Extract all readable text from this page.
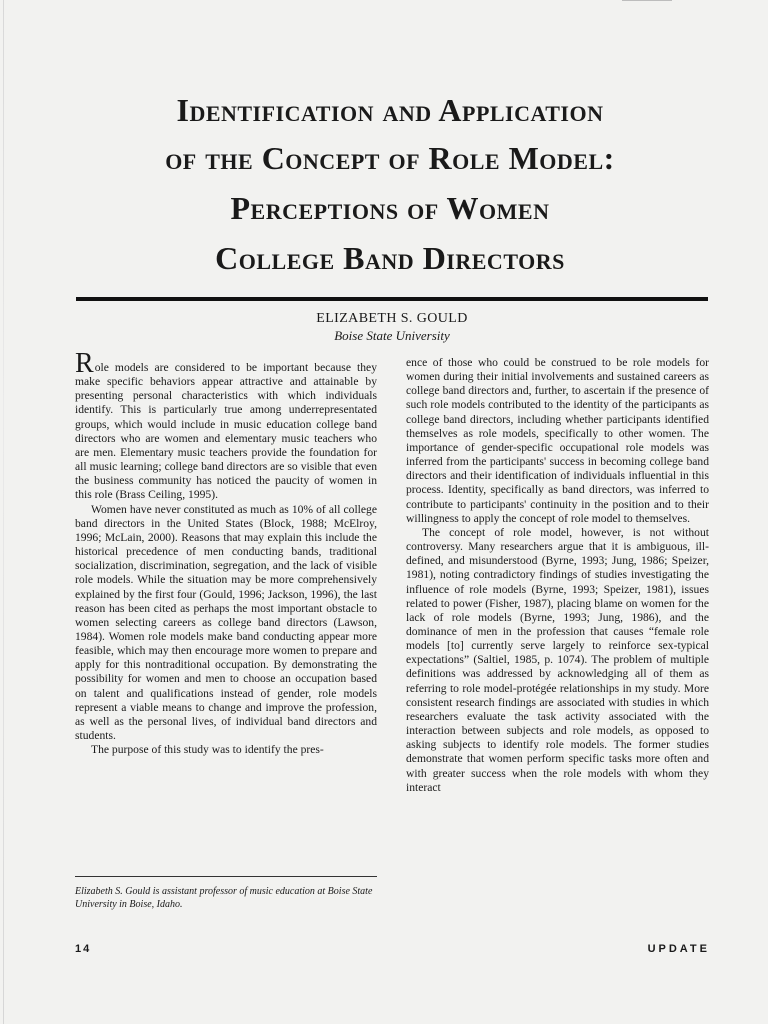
Identification and Application
of the Concept of Role Model:
Perceptions of Women
College Band Directors
ELIZABETH S. GOULD
Boise State University

Role models are considered to be important because they make specific behaviors appear attractive and attainable by presenting personal characteristics with which individuals identify. This is particularly true among underrepresentated groups, which would include in music education college band directors who are women and elementary music teachers who are men. Elementary music teachers provide the foundation for all music learning; college band directors are so visible that even the business community has noticed the paucity of women in this role (Brass Ceiling, 1995).

Women have never constituted as much as 10% of all college band directors in the United States (Block, 1988; McElroy, 1996; McLain, 2000). Reasons that may explain this include the historical precedence of men conducting bands, traditional socialization, discrimination, segregation, and the lack of visible role models. While the situation may be more comprehensively explained by the first four (Gould, 1996; Jackson, 1996), the last reason has been cited as perhaps the most important obstacle to women selecting careers as college band directors (Lawson, 1984). Women role models make band conducting appear more feasible, which may then encourage more women to prepare and apply for this nontraditional occupation. By demonstrating the possibility for women and men to choose an occupation based on talent and qualifications instead of gender, role models represent a viable means to change and improve the profession, as well as the personal lives, of individual band directors and students.

The purpose of this study was to identify the pres-

ence of those who could be construed to be role models for women during their initial involvements and sustained careers as college band directors and, further, to ascertain if the presence of such role models contributed to the identity of the participants as college band directors, including whether participants identified themselves as role models, specifically to other women. The importance of gender-specific occupational role models was inferred from the participants' success in becoming college band directors and their identification of individuals influential in this process. Identity, specifically as band directors, was inferred to contribute to participants' continuity in the position and to their willingness to apply the concept of role model to themselves.

The concept of role model, however, is not without controversy. Many researchers argue that it is ambiguous, ill-defined, and misunderstood (Byrne, 1993; Jung, 1986; Speizer, 1981), noting contradictory findings of studies investigating the influence of role models (Byrne, 1993; Speizer, 1981), issues related to power (Fisher, 1987), placing blame on women for the lack of role models (Byrne, 1993; Jung, 1986), and the dominance of men in the profession that causes “female role models [to] currently serve largely to reinforce sex-typical expectations” (Saltiel, 1985, p. 1074). The problem of multiple definitions was addressed by acknowledging all of them as referring to role model-protégée relationships in my study. More consistent research findings are associated with studies in which researchers evaluate the task activity associated with the interaction between subjects and role models, as opposed to asking subjects to identify role models. The former studies demonstrate that women perform specific tasks more often and with greater success when the role models with whom they interact

Elizabeth S. Gould is assistant professor of music education at Boise State University in Boise, Idaho.
14	UPDATE
